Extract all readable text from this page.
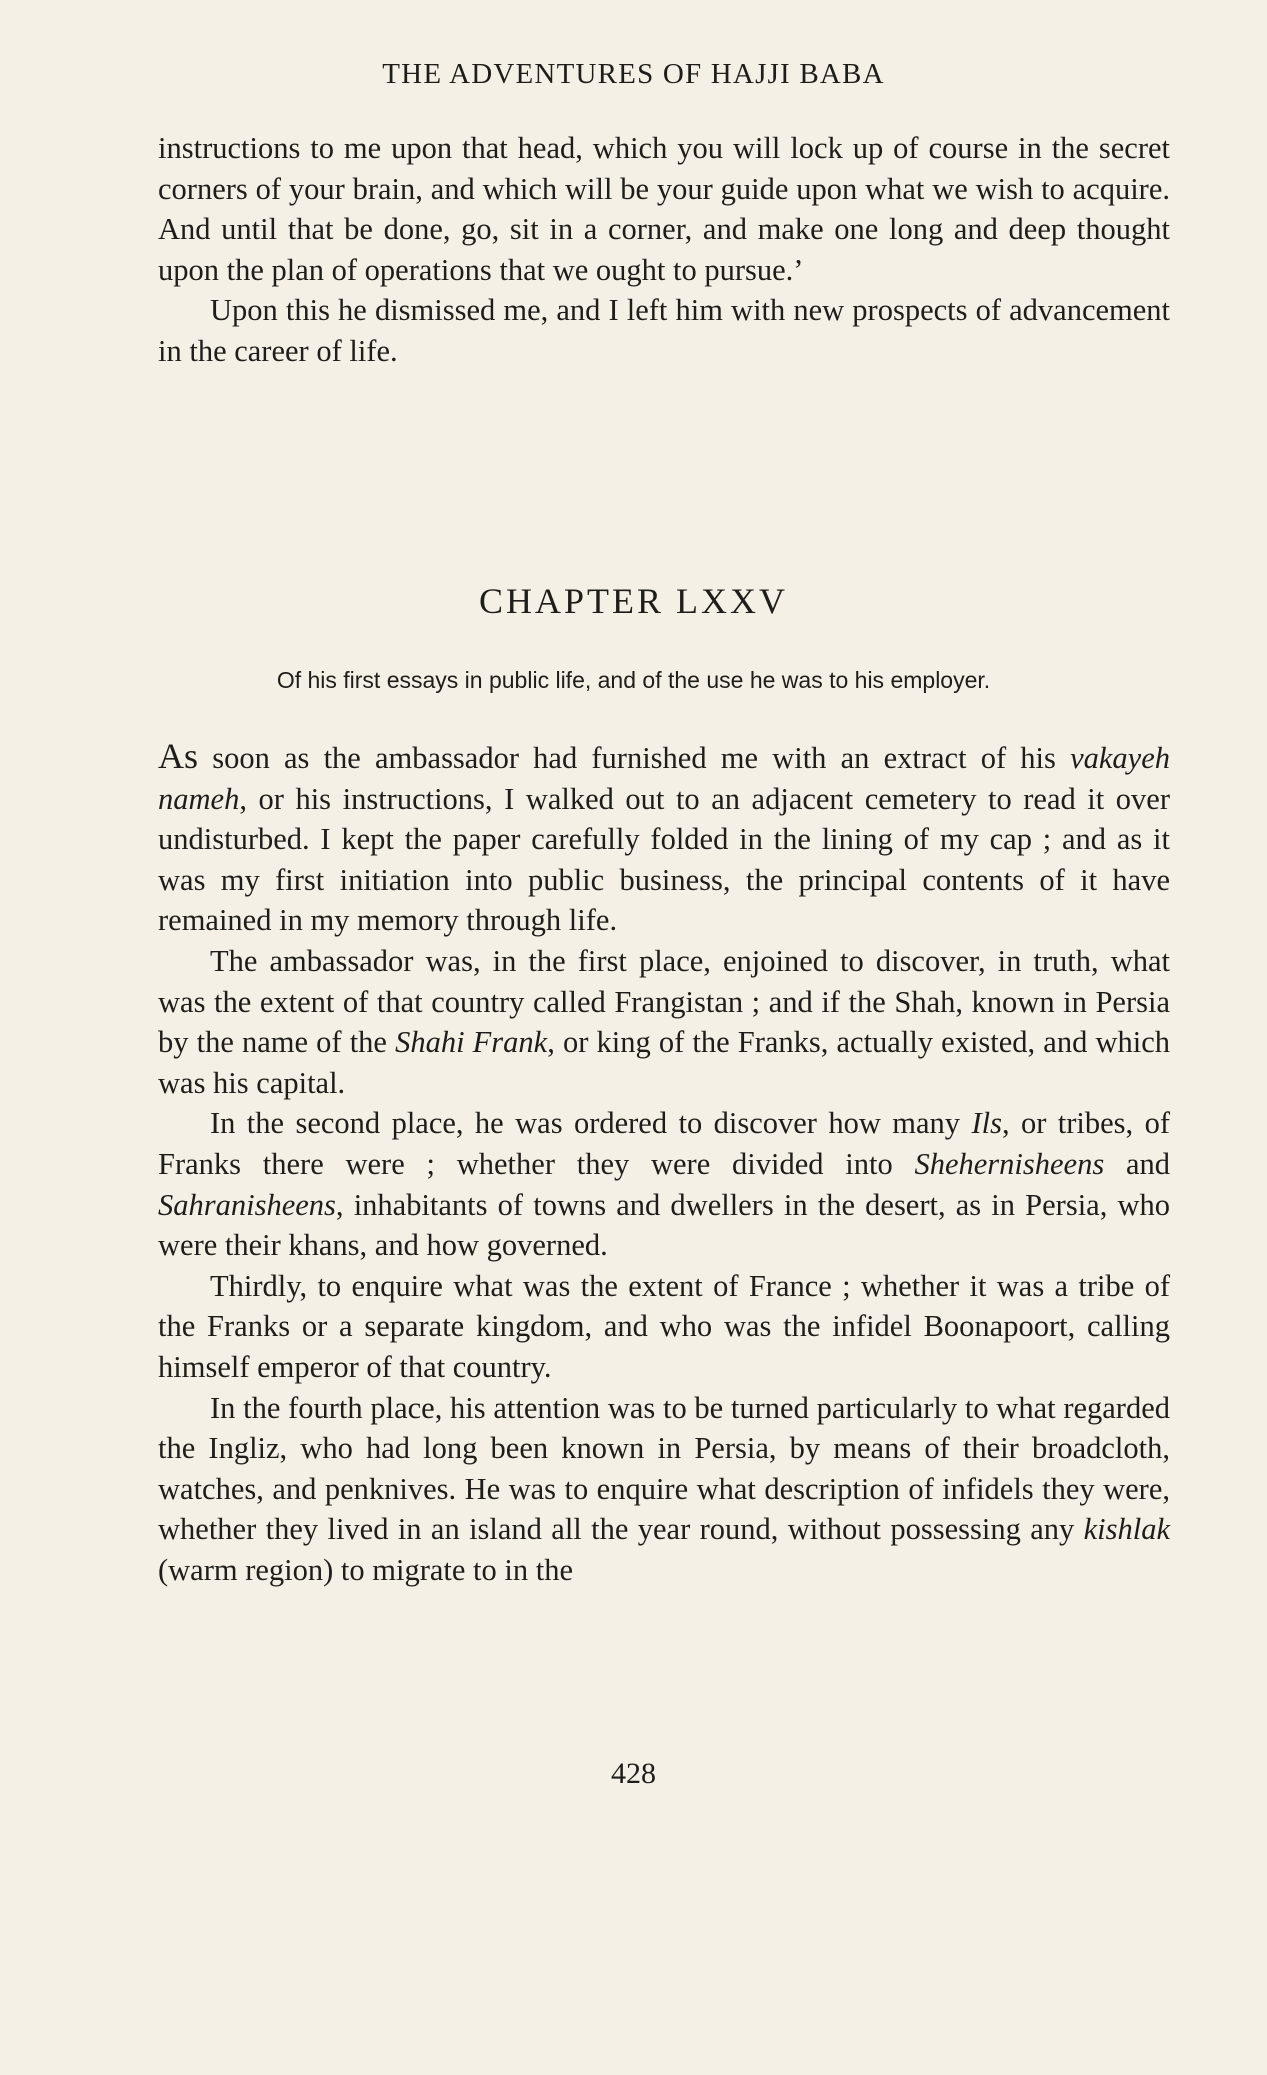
THE ADVENTURES OF HAJJI BABA

instructions to me upon that head, which you will lock up of course in the secret corners of your brain, and which will be your guide upon what we wish to acquire. And until that be done, go, sit in a corner, and make one long and deep thought upon the plan of operations that we ought to pursue.’

Upon this he dismissed me, and I left him with new prospects of advancement in the career of life.

CHAPTER LXXV
Of his first essays in public life, and of the use he was to his employer.

As soon as the ambassador had furnished me with an extract of his vakayeh nameh, or his instructions, I walked out to an adjacent cemetery to read it over undisturbed. I kept the paper carefully folded in the lining of my cap ; and as it was my first initiation into public business, the principal contents of it have remained in my memory through life.

The ambassador was, in the first place, enjoined to discover, in truth, what was the extent of that country called Frangistan ; and if the Shah, known in Persia by the name of the Shahi Frank, or king of the Franks, actually existed, and which was his capital.

In the second place, he was ordered to discover how many Ils, or tribes, of Franks there were ; whether they were divided into Shehernisheens and Sahranisheens, inhabitants of towns and dwellers in the desert, as in Persia, who were their khans, and how governed.

Thirdly, to enquire what was the extent of France ; whether it was a tribe of the Franks or a separate kingdom, and who was the infidel Boonapoort, calling himself emperor of that country.

In the fourth place, his attention was to be turned particularly to what regarded the Ingliz, who had long been known in Persia, by means of their broadcloth, watches, and penknives. He was to enquire what description of infidels they were, whether they lived in an island all the year round, without possessing any kishlak (warm region) to migrate to in the

428
